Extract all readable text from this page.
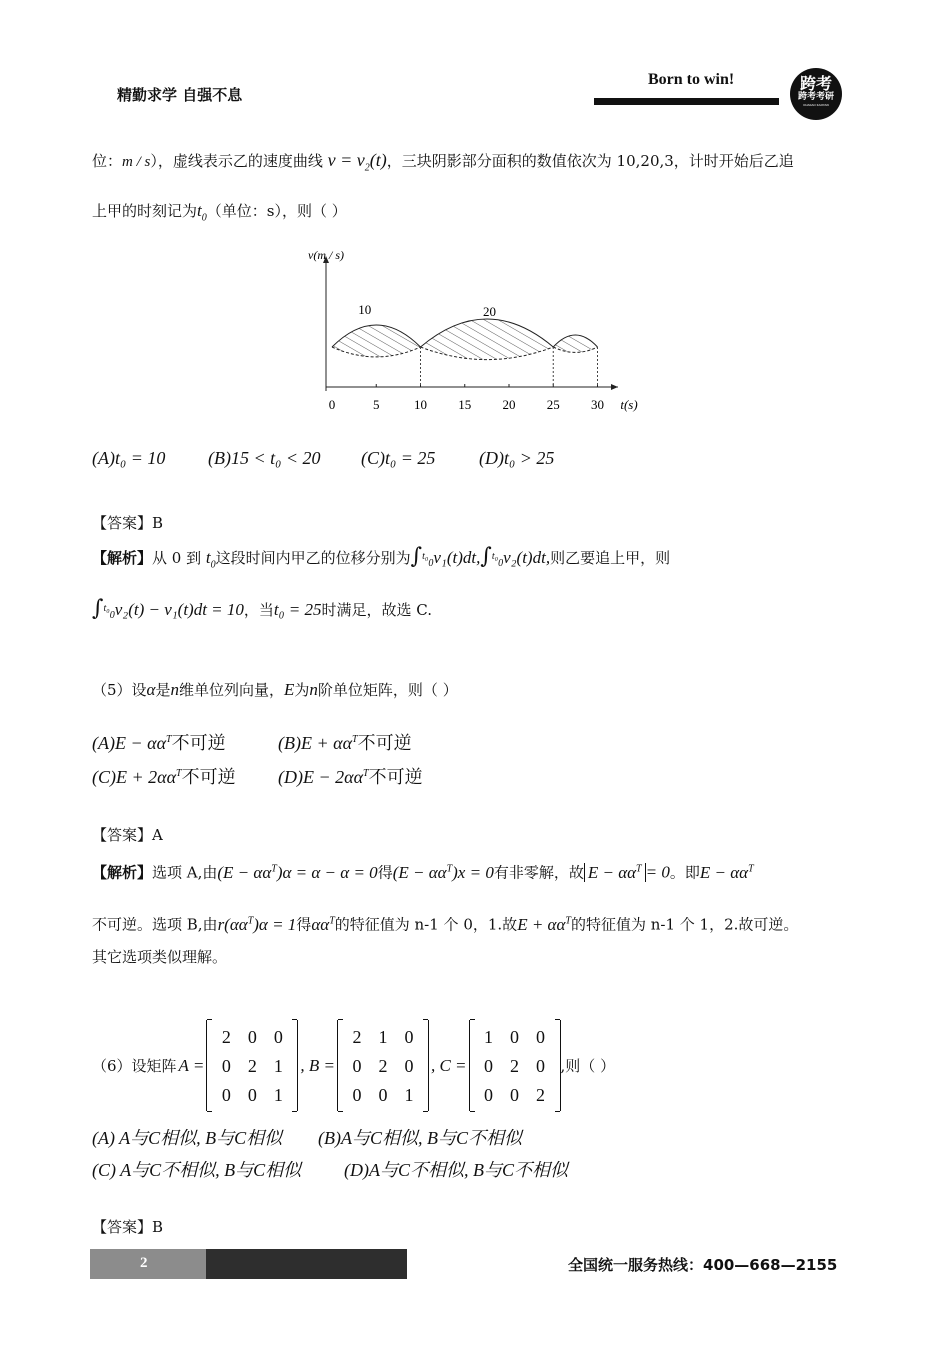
精勤求学 自强不息
Born to win!	跨考
跨考考研
KUAKAO KAOYAN
位：m / s），虚线表示乙的速度曲线 $v = v_2(t)$，三块阴影部分面积的数值依次为 10,20,3，计时开始后乙追
上甲的时刻记为$t_0$（单位：s），则（ ）
v(m / s)
t(s)
0	5	10 15 20 25 30
10	20
(A)t₀ = 10 (B)15 < t₀ < 20 (C)t₀ = 25 (D)t₀ > 25
【答案】B
【解析】从 0 到 $t_0$这段时间内甲乙的位移分别为∫$^{t_0}_0$v₁(t)dt,∫$^{t_0}_0$v₂(t)dt,则乙要追上甲，则
∫$^{t_0}_0$v₂(t) − v₁(t)dt = 10，当t₀ = 25时满足，故选 C.
（5）设α是n维单位列向量，E为n阶单位矩阵，则（ ）
$(A)E - \alpha\alpha^T$不可逆	$(B)E + \alpha\alpha^T$不可逆
$(C)E + 2\alpha\alpha^T$不可逆 $(D)E - 2\alpha\alpha^T$不可逆
【答案】A
【解析】选项 A,由$(E - \alpha\alpha^T)\alpha = \alpha - \alpha = 0$得$(E - \alpha\alpha^T)x = 0$有非零解，故 $E - \alpha\alpha^T = 0$。即$E - \alpha\alpha^T$
不可逆。选项 B,由$r(\alpha\alpha^T)\alpha = 1$得$\alpha\alpha^T$的特征值为 n-1 个 0，1.故$E + \alpha\alpha^T$的特征值为 n-1 个 1，2.故可逆。
其它选项类似理解。
（6）设矩阵 A =
2	0	0
0	2	1
0	0	1
, B =
2	1	0
0	2	0
0	0	1
, C =
1	0	0
0	2	0
0	0	2
,则（ ）
(A) A与C相似, B与C相似 (B)A与C相似, B与C不相似
(C) A与C不相似, B与C相似 (D)A与C不相似, B与C不相似
【答案】B
2	全国统一服务热线：400—668—2155
